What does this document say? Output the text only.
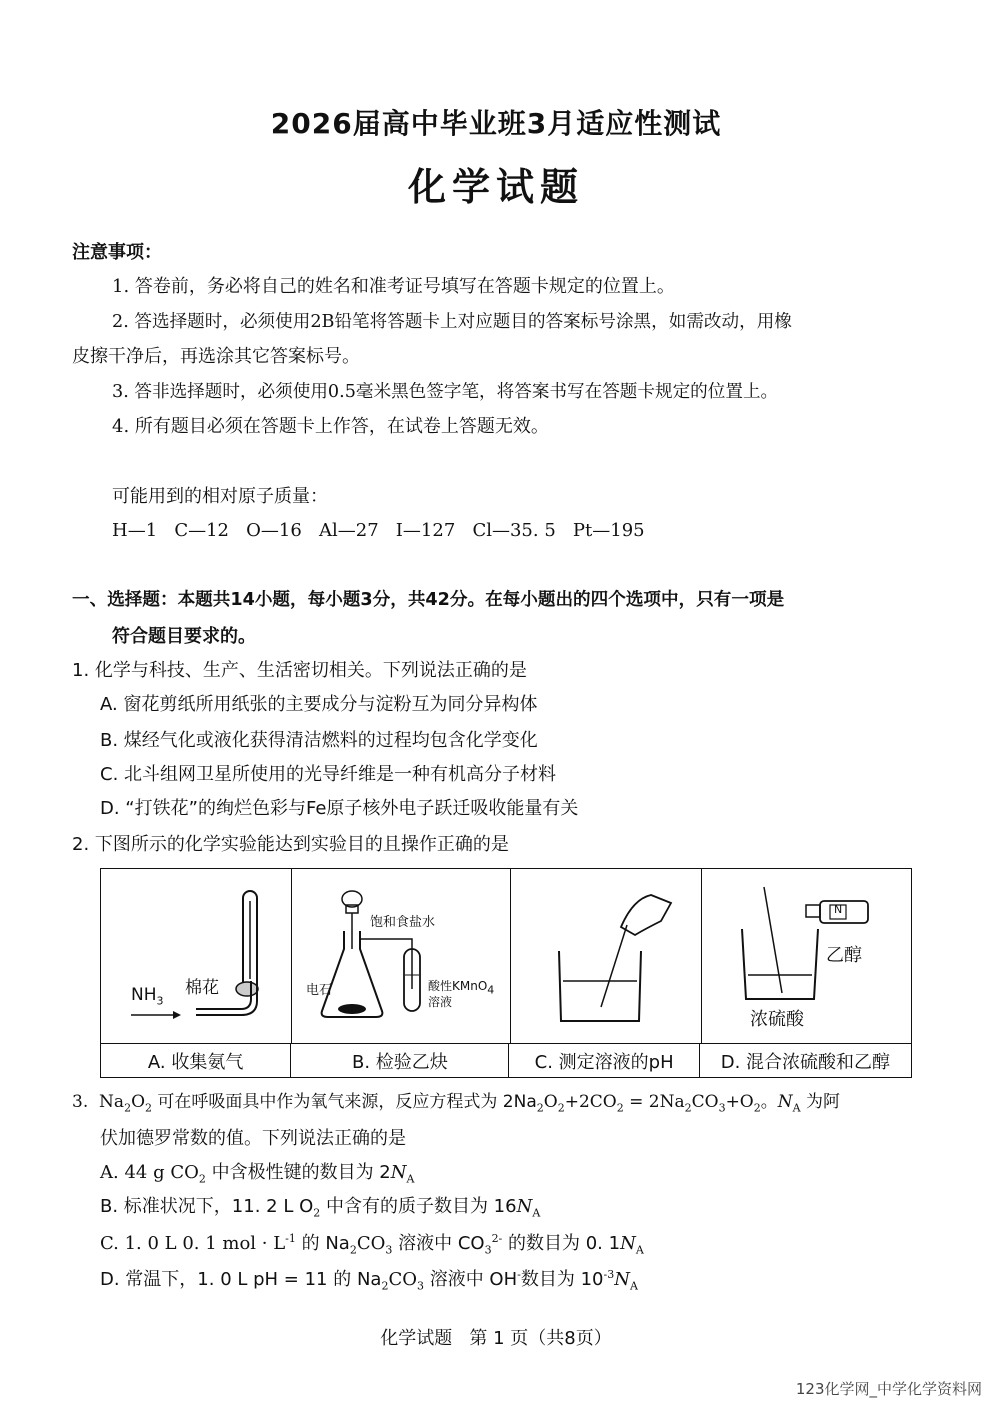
2026届高中毕业班3月适应性测试
化学试题
注意事项：
1. 答卷前，务必将自己的姓名和准考证号填写在答题卡规定的位置上。
2. 答选择题时，必须使用2B铅笔将答题卡上对应题目的答案标号涂黑，如需改动，用橡
皮擦干净后，再选涂其它答案标号。
3. 答非选择题时，必须使用0.5毫米黑色签字笔，将答案书写在答题卡规定的位置上。
4. 所有题目必须在答题卡上作答，在试卷上答题无效。
可能用到的相对原子质量：
H—1   C—12   O—16   Al—27   I—127   Cl—35. 5   Pt—195
一、选择题：本题共14小题，每小题3分，共42分。在每小题出的四个选项中，只有一项是
符合题目要求的。
1. 化学与科技、生产、生活密切相关。下列说法正确的是
A. 窗花剪纸所用纸张的主要成分与淀粉互为同分异构体
B. 煤经气化或液化获得清洁燃料的过程均包含化学变化
C. 北斗组网卫星所使用的光导纤维是一种有机高分子材料
D. “打铁花”的绚烂色彩与Fe原子核外电子跃迁吸收能量有关
2. 下图所示的化学实验能达到实验目的且操作正确的是
$NH_3$
棉花
饱和食盐水
电石	酸性KMnO$_4$
溶液
N
乙醇
浓硫酸
A. 收集氨气	B. 检验乙炔	C. 测定溶液的pH	D. 混合浓硫酸和乙醇
3. $Na_2O_2$ 可在呼吸面具中作为氧气来源，反应方程式为 $2Na_2O_2+2CO_2 = 2Na_2CO_3+O_2$。$N_A$ 为阿
伏加德罗常数的值。下列说法正确的是
A. 44 g $CO_2$ 中含极性键的数目为 $2N_A$
B. 标准状况下，11. 2 L $O_2$ 中含有的质子数目为 $16N_A$
C. 1. 0 L 0. 1 mol · $L^{-1}$ 的 $Na_2CO_3$ 溶液中 $CO_3^{2-}$ 的数目为 0. $1N_A$
D. 常温下，1. 0 L pH = 11 的 $Na_2CO_3$ 溶液中 OH-数目为 $10^{-3}N_A$
化学试题   第 1 页（共8页）
123化学网_中学化学资料网
